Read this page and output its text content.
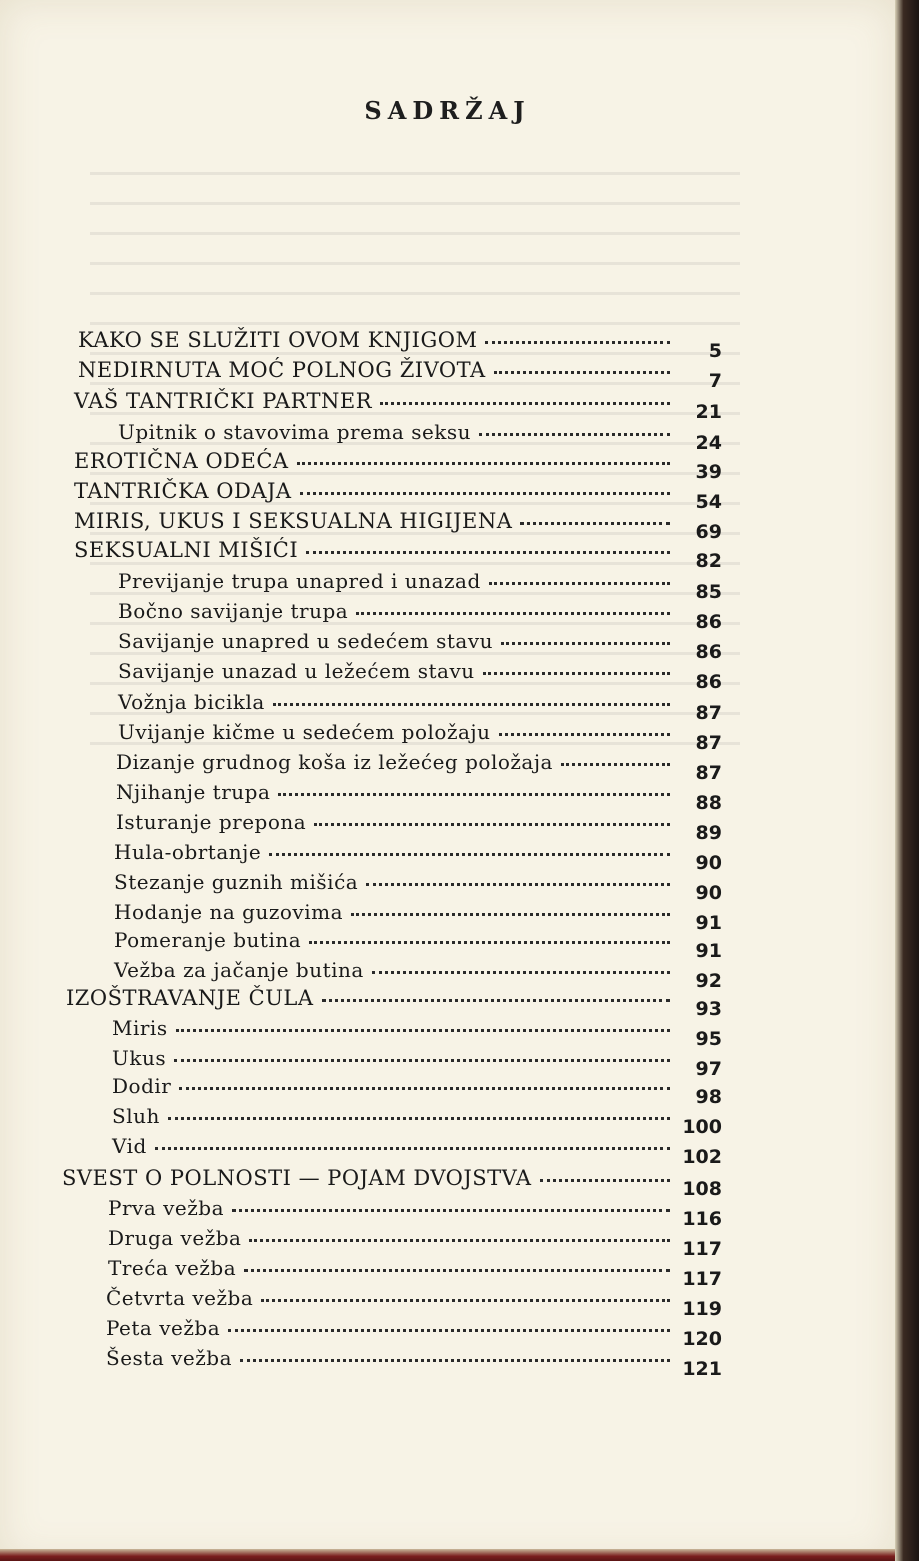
SADRŽAJ
KAKO SE SLUŽITI OVOM KNJIGOM	5
NEDIRNUTA MOĆ POLNOG ŽIVOTA	7
VAŠ TANTRIČKI PARTNER	21
Upitnik o stavovima prema seksu	24
EROTIČNA ODEĆA	39
TANTRIČKA ODAJA	54
MIRIS, UKUS I SEKSUALNA HIGIJENA	69
SEKSUALNI MIŠIĆI	82
Previjanje trupa unapred i unazad	85
Bočno savijanje trupa	86
Savijanje unapred u sedećem stavu	86
Savijanje unazad u ležećem stavu	86
Vožnja bicikla	87
Uvijanje kičme u sedećem položaju	87
Dizanje grudnog koša iz ležećeg položaja	87
Njihanje trupa	88
Isturanje prepona	89
Hula-obrtanje	90
Stezanje guznih mišića	90
Hodanje na guzovima	91
Pomeranje butina	91
Vežba za jačanje butina	92
IZOŠTRAVANJE ČULA	93
Miris	95
Ukus	97
Dodir	98
Sluh	100
Vid	102
SVEST O POLNOSTI — POJAM DVOJSTVA	108
Prva vežba	116
Druga vežba	117
Treća vežba	117
Četvrta vežba	119
Peta vežba	120
Šesta vežba	121
